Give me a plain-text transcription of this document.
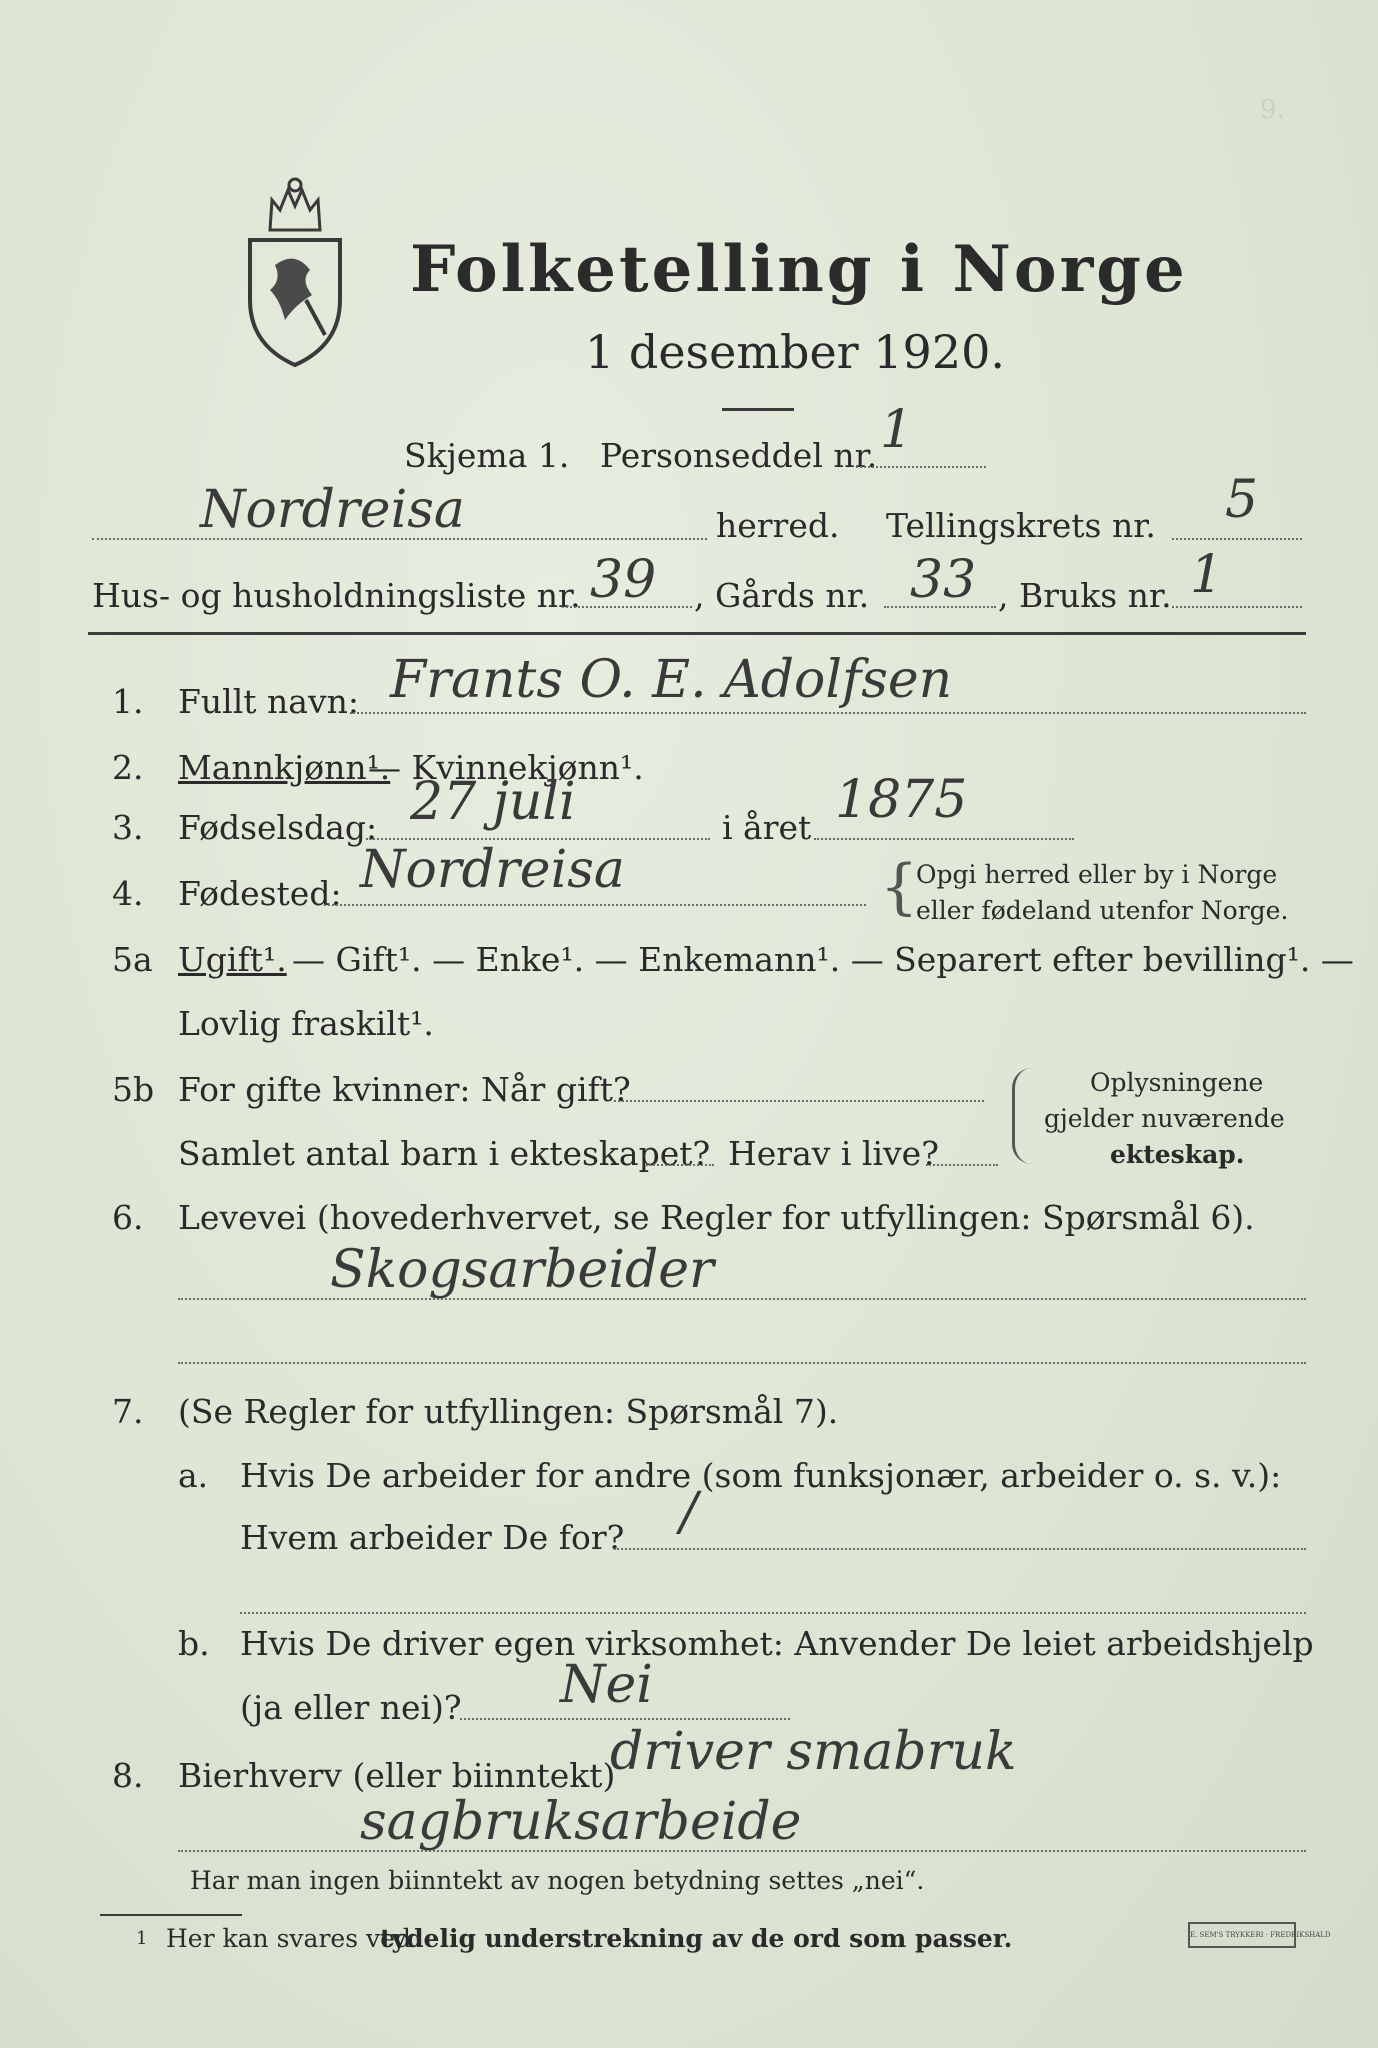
9.
Folketelling i Norge
1 desember 1920.
Skjema 1. Personseddel nr. 1
Nordreisa	herred. Tellingskrets nr. 5
Hus- og husholdningsliste nr. 39 , Gårds nr. 33 , Bruks nr. 1
1. Fullt navn: Frants O. E. Adolfsen
2. Mannkjønn¹.
— Kvinnekjønn¹.
3. Fødselsdag: 27 juli	i året 1875
4. Fødested: Nordreisa	{
Opgi herred eller by i Norge
eller fødeland utenfor Norge.
5a Ugift¹. — Gift¹. — Enke¹. — Enkemann¹. — Separert efter bevilling¹. —
Lovlig fraskilt¹.
5b For gifte kvinner: Når gift?
Samlet antal barn i ekteskapet? Herav i live?
Oplysningene
gjelder nuværende
ekteskap.
6. Levevei (hovederhvervet, se Regler for utfyllingen: Spørsmål 6).
Skogsarbeider
7. (Se Regler for utfyllingen: Spørsmål 7).
a. Hvis De arbeider for andre (som funksjonær, arbeider o. s. v.):
Hvem arbeider De for? /
b. Hvis De driver egen virksomhet: Anvender De leiet arbeidshjelp
(ja eller nei)? Nei
8. Bierhverv (eller biinntekt)
driver smabruk
sagbruksarbeide
Har man ingen biinntekt av nogen betydning settes „nei“.
1 Her kan svares ved
tydelig understrekning av de ord som passer.	E. SEM'S TRYKKERI · FREDRIKSHALD
